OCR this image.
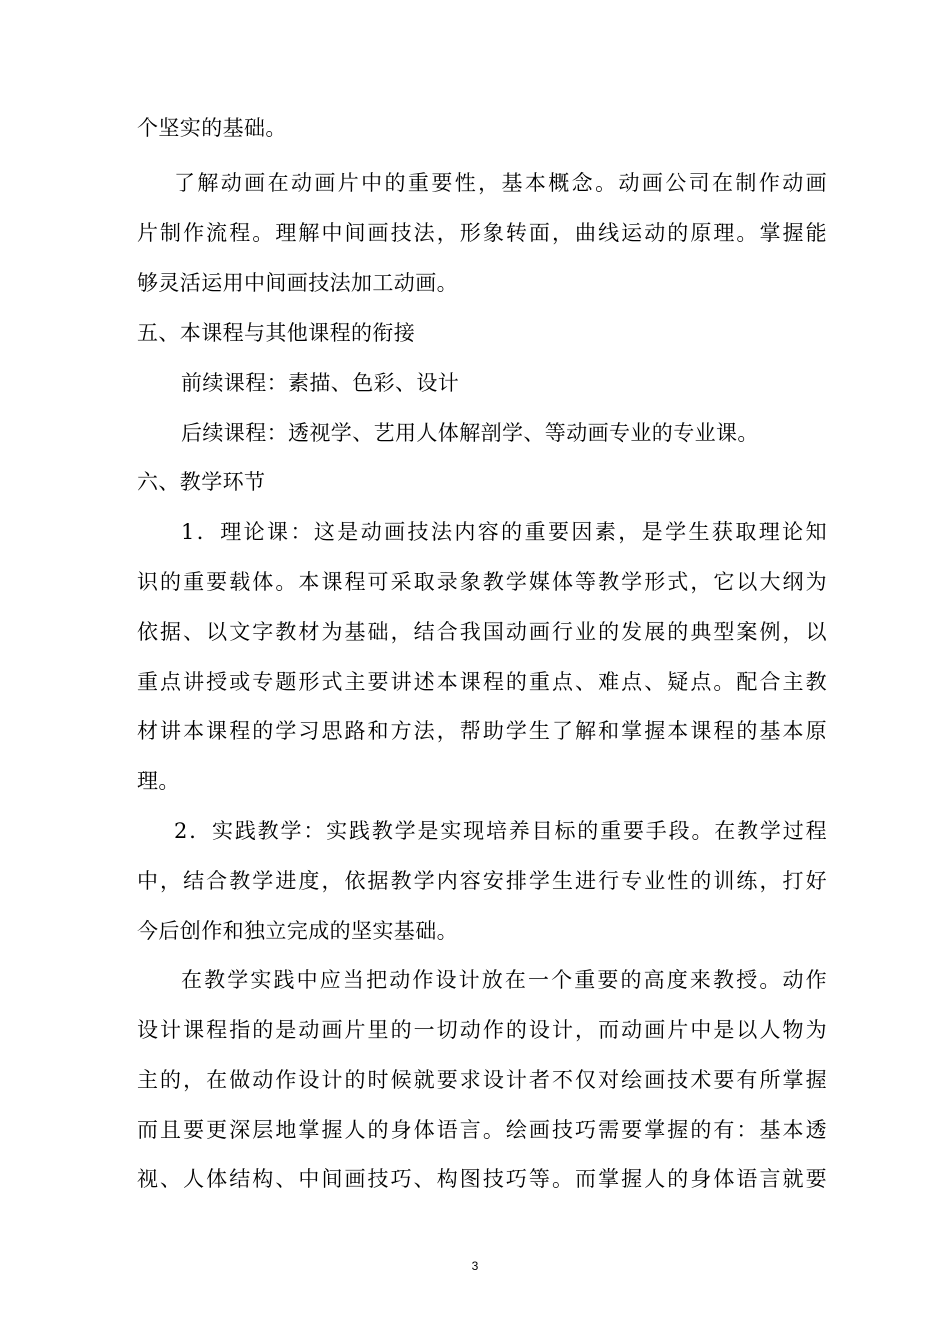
个坚实的基础。
了解动画在动画片中的重要性，基本概念。动画公司在制作动画
片制作流程。理解中间画技法，形象转面，曲线运动的原理。掌握能
够灵活运用中间画技法加工动画。
五、本课程与其他课程的衔接
前续课程：素描、色彩、设计
后续课程：透视学、艺用人体解剖学、等动画专业的专业课。
六、教学环节
1．理论课：这是动画技法内容的重要因素，是学生获取理论知
识的重要载体。本课程可采取录象教学媒体等教学形式，它以大纲为
依据、以文字教材为基础，结合我国动画行业的发展的典型案例，以
重点讲授或专题形式主要讲述本课程的重点、难点、疑点。配合主教
材讲本课程的学习思路和方法，帮助学生了解和掌握本课程的基本原
理。
2．实践教学：实践教学是实现培养目标的重要手段。在教学过程
中，结合教学进度，依据教学内容安排学生进行专业性的训练，打好
今后创作和独立完成的坚实基础。
在教学实践中应当把动作设计放在一个重要的高度来教授。动作
设计课程指的是动画片里的一切动作的设计，而动画片中是以人物为
主的，在做动作设计的时候就要求设计者不仅对绘画技术要有所掌握
而且要更深层地掌握人的身体语言。绘画技巧需要掌握的有：基本透
视、人体结构、中间画技巧、构图技巧等。而掌握人的身体语言就要
3
